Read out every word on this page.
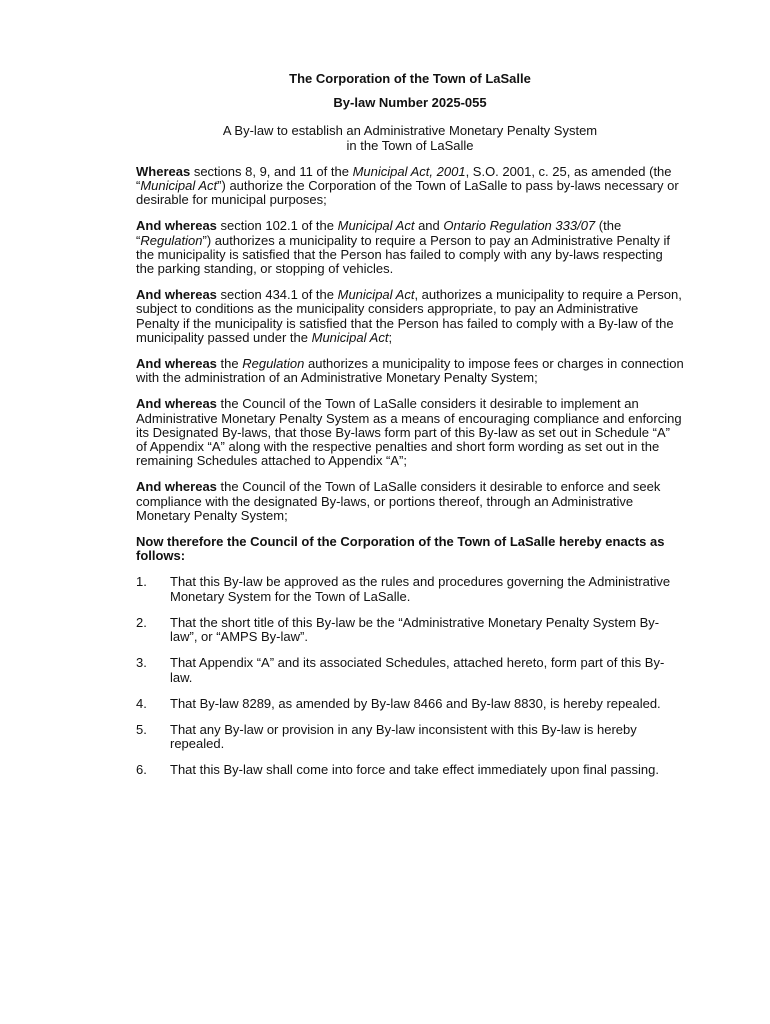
The Corporation of the Town of LaSalle
By-law Number 2025-055
A By-law to establish an Administrative Monetary Penalty System
in the Town of LaSalle

Whereas sections 8, 9, and 11 of the Municipal Act, 2001, S.O. 2001, c. 25, as amended (the “Municipal Act”) authorize the Corporation of the Town of LaSalle to pass by-laws necessary or desirable for municipal purposes;

And whereas section 102.1 of the Municipal Act and Ontario Regulation 333/07 (the “Regulation”) authorizes a municipality to require a Person to pay an Administrative Penalty if the municipality is satisfied that the Person has failed to comply with any by-laws respecting the parking standing, or stopping of vehicles.

And whereas section 434.1 of the Municipal Act, authorizes a municipality to require a Person, subject to conditions as the municipality considers appropriate, to pay an Administrative Penalty if the municipality is satisfied that the Person has failed to comply with a By-law of the municipality passed under the Municipal Act;

And whereas the Regulation authorizes a municipality to impose fees or charges in connection with the administration of an Administrative Monetary Penalty System;

And whereas the Council of the Town of LaSalle considers it desirable to implement an Administrative Monetary Penalty System as a means of encouraging compliance and enforcing its Designated By-laws, that those By-laws form part of this By-law as set out in Schedule “A” of Appendix “A” along with the respective penalties and short form wording as set out in the remaining Schedules attached to Appendix “A”;

And whereas the Council of the Town of LaSalle considers it desirable to enforce and seek compliance with the designated By-laws, or portions thereof, through an Administrative Monetary Penalty System;

Now therefore the Council of the Corporation of the Town of LaSalle hereby enacts as follows:

1.	That this By-law be approved as the rules and procedures governing the Administrative Monetary System for the Town of LaSalle.
2.	That the short title of this By-law be the “Administrative Monetary Penalty System By-law”, or “AMPS By-law”.
3.	That Appendix “A” and its associated Schedules, attached hereto, form part of this By-law.
4.	That By-law 8289, as amended by By-law 8466 and By-law 8830, is hereby repealed.
5.	That any By-law or provision in any By-law inconsistent with this By-law is hereby repealed.
6.	That this By-law shall come into force and take effect immediately upon final passing.
